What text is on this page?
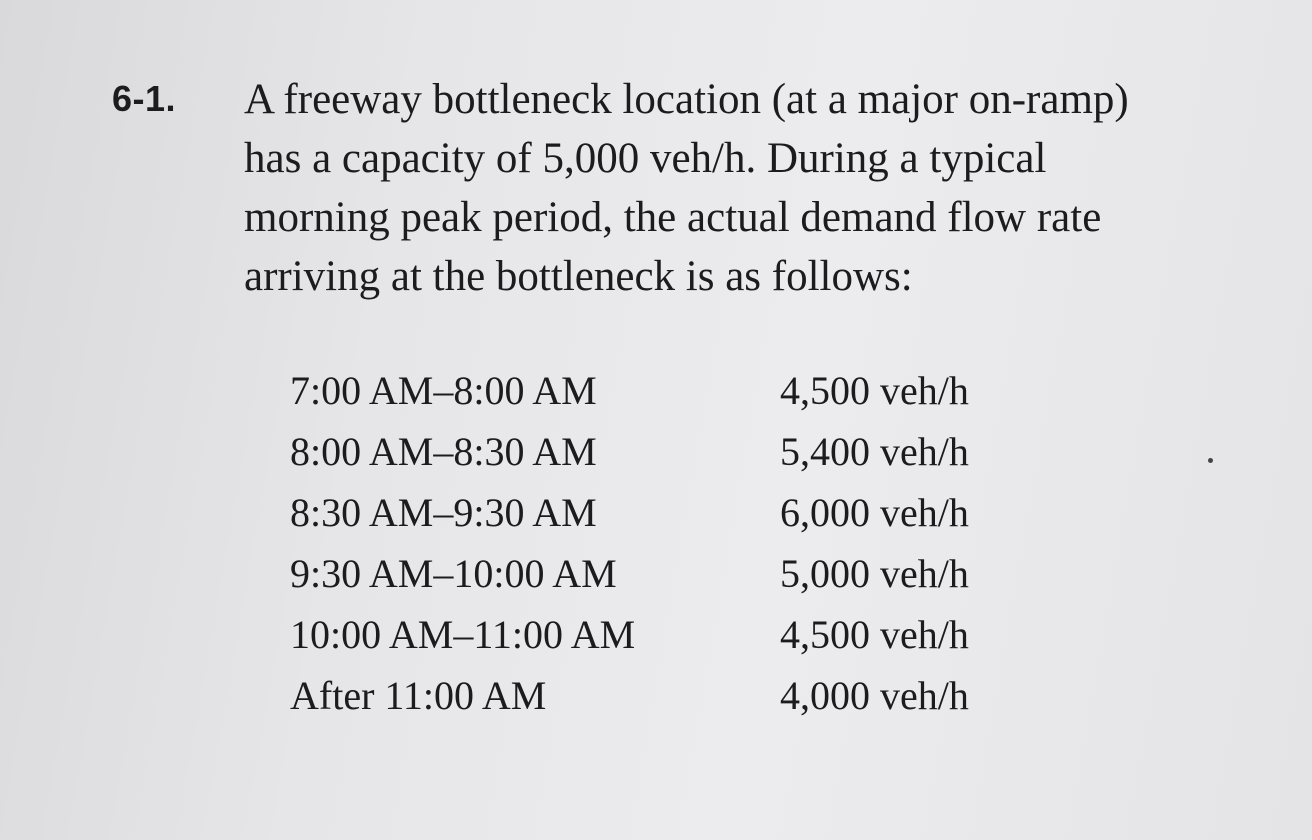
6-1. A freeway bottleneck location (at a major on-ramp)
has a capacity of 5,000 veh/h. During a typical
morning peak period, the actual demand flow rate
arriving at the bottleneck is as follows:
7:00 AM–8:00 AM	4,500 veh/h
8:00 AM–8:30 AM	5,400 veh/h
8:30 AM–9:30 AM	6,000 veh/h
9:30 AM–10:00 AM	5,000 veh/h
10:00 AM–11:00 AM	4,500 veh/h
After 11:00 AM	4,000 veh/h
